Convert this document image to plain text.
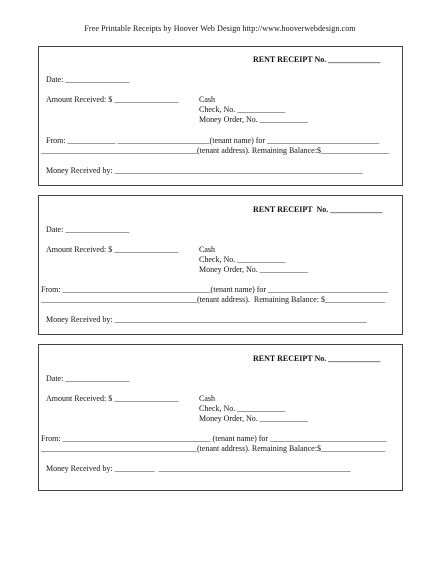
Free Printable Receipts by Hoover Web Design http://www.hooverwebdesign.com
RENT RECEIPT No. _____________
Date: ________________
Amount Received: $ ________________	Cash
Check, No. ____________
Money Order, No. ____________
From: ____________ _______________________(tenant name) for ____________________________
_______________________________________(tenant address). Remaining Balance:$_________________
Money Received by: ______________________________________________________________
RENT RECEIPT  No. _____________
Date: ________________
Amount Received: $ ________________	Cash
Check, No. ____________
Money Order, No. ____________
From: _____________________________________(tenant name) for ______________________________
_______________________________________(tenant address).  Remaining Balance: $_______________
Money Received by: _______________________________________________________________
RENT RECEIPT No. _____________
Date: ________________
Amount Received: $ ________________	Cash
Check, No. ____________
Money Order, No. ____________
From: _____________________________________ (tenant name) for _____________________________
_______________________________________(tenant address). Remaining Balance:$________________
Money Received by: __________  ________________________________________________
